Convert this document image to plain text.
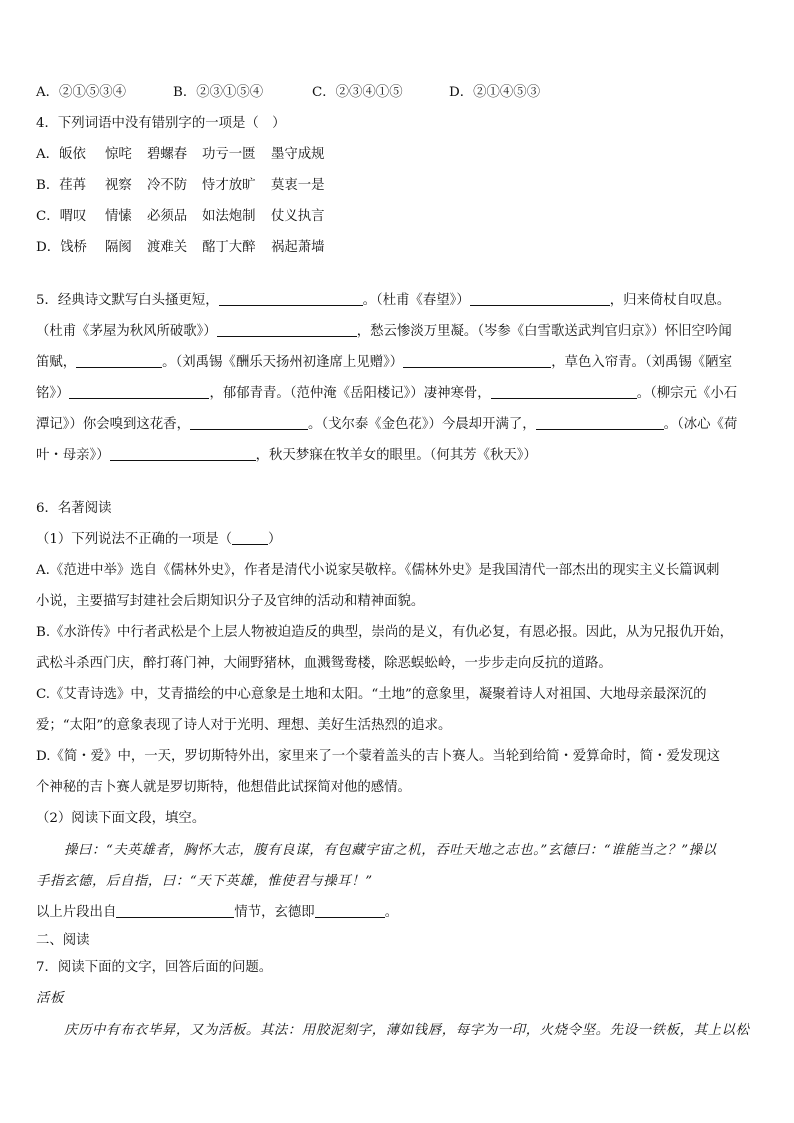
A．②①⑤③④	B．②③①⑤④	C．②③④①⑤	D．②①④⑤③
4．下列词语中没有错别字的一项是（　）
A．皈依 惊咤 碧螺春 功亏一匮 墨守成规
B．荏苒 视察 冷不防 恃才放旷 莫衷一是
C．喟叹 情愫 必须品 如法炮制 仗义执言
D．饯桥 隔阂 渡难关 酩丁大醉 祸起萧墙
5．经典诗文默写白头搔更短，	。（杜甫《春望》）	，归来倚杖自叹息。
（杜甫《茅屋为秋风所破歌》）	，愁云惨淡万里凝。（岑参《白雪歌送武判官归京》）怀旧空吟闻
笛赋，	。（刘禹锡《酬乐天扬州初逢席上见赠》）	，草色入帘青。（刘禹锡《陋室
铭》）	，郁郁青青。（范仲淹《岳阳楼记》）凄神寒骨，	。（柳宗元《小石
潭记》）你会嗅到这花香，	。（戈尔泰《金色花》）今晨却开满了，	。（冰心《荷
叶・母亲》）	，秋天梦寐在牧羊女的眼里。（何其芳《秋天》）
6．名著阅读
（1）下列说法不正确的一项是（	）
A.《范进中举》选自《儒林外史》，作者是清代小说家吴敬梓。《儒林外史》是我国清代一部杰出的现实主义长篇讽刺
小说，主要描写封建社会后期知识分子及官绅的活动和精神面貌。
B.《水浒传》中行者武松是个上层人物被迫造反的典型，崇尚的是义，有仇必复，有恩必报。因此，从为兄报仇开始，
武松斗杀西门庆，醉打蒋门神，大闹野猪林，血溅鸳鸯楼，除恶蜈蚣岭，一步步走向反抗的道路。
C.《艾青诗选》中，艾青描绘的中心意象是土地和太阳。“土地”的意象里，凝聚着诗人对祖国、大地母亲最深沉的
爱；“太阳”的意象表现了诗人对于光明、理想、美好生活热烈的追求。
D.《简・爱》中，一天，罗切斯特外出，家里来了一个蒙着盖头的吉卜赛人。当轮到给简・爱算命时，简・爱发现这
个神秘的吉卜赛人就是罗切斯特，他想借此试探简对他的感情。
（2）阅读下面文段，填空。
操曰：“夫英雄者，胸怀大志，腹有良谋，有包藏宇宙之机，吞吐天地之志也。”玄德曰：“谁能当之？”操以
手指玄德，后自指，曰：“天下英雄，惟使君与操耳！”
以上片段出自	情节，玄德即	。
二、阅读
7．阅读下面的文字，回答后面的问题。
活板
庆历中有布衣毕昇，又为活板。其法：用胶泥刻字，薄如钱唇，每字为一印，火烧令坚。先设一铁板，其上以松
